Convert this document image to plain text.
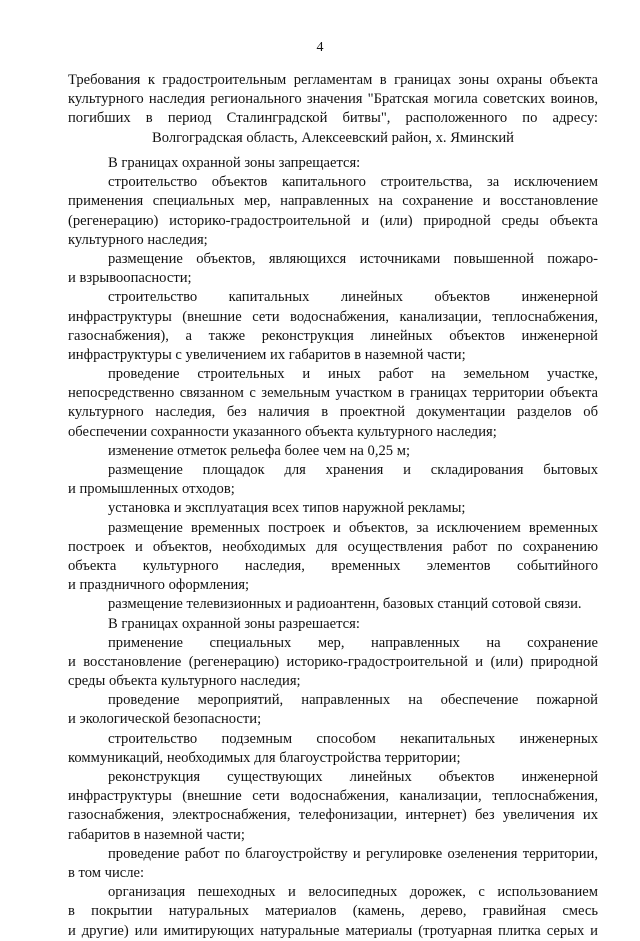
4
Требования к градостроительным регламентам в границах зоны охраны объекта
культурного наследия регионального значения "Братская могила советских воинов,
погибших в период Сталинградской битвы", расположенного по адресу:
Волгоградская область, Алексеевский район, х. Яминский
В границах охранной зоны запрещается:
строительство объектов капитального строительства, за исключением
применения специальных мер, направленных на сохранение и восстановление
(регенерацию) историко-градостроительной и (или) природной среды объекта
культурного наследия;
размещение объектов, являющихся источниками повышенной пожаро-
и взрывоопасности;
строительство капитальных линейных объектов инженерной
инфраструктуры (внешние сети водоснабжения, канализации, теплоснабжения,
газоснабжения), а также реконструкция линейных объектов инженерной
инфраструктуры с увеличением их габаритов в наземной части;
проведение строительных и иных работ на земельном участке,
непосредственно связанном с земельным участком в границах территории объекта
культурного наследия, без наличия в проектной документации разделов об
обеспечении сохранности указанного объекта культурного наследия;
изменение отметок рельефа более чем на 0,25 м;
размещение площадок для хранения и складирования бытовых
и промышленных отходов;
установка и эксплуатация всех типов наружной рекламы;
размещение временных построек и объектов, за исключением временных
построек и объектов, необходимых для осуществления работ по сохранению
объекта культурного наследия, временных элементов событийного
и праздничного оформления;
размещение телевизионных и радиоантенн, базовых станций сотовой связи.
В границах охранной зоны разрешается:
применение специальных мер, направленных на сохранение
и восстановление (регенерацию) историко-градостроительной и (или) природной
среды объекта культурного наследия;
проведение мероприятий, направленных на обеспечение пожарной
и экологической безопасности;
строительство подземным способом некапитальных инженерных
коммуникаций, необходимых для благоустройства территории;
реконструкция существующих линейных объектов инженерной
инфраструктуры (внешние сети водоснабжения, канализации, теплоснабжения,
газоснабжения, электроснабжения, телефонизации, интернет) без увеличения их
габаритов в наземной части;
проведение работ по благоустройству и регулировке озеленения территории,
в том числе:
организация пешеходных и велосипедных дорожек, с использованием
в покрытии натуральных материалов (камень, дерево, гравийная смесь
и другие) или имитирующих натуральные материалы (тротуарная плитка серых и
